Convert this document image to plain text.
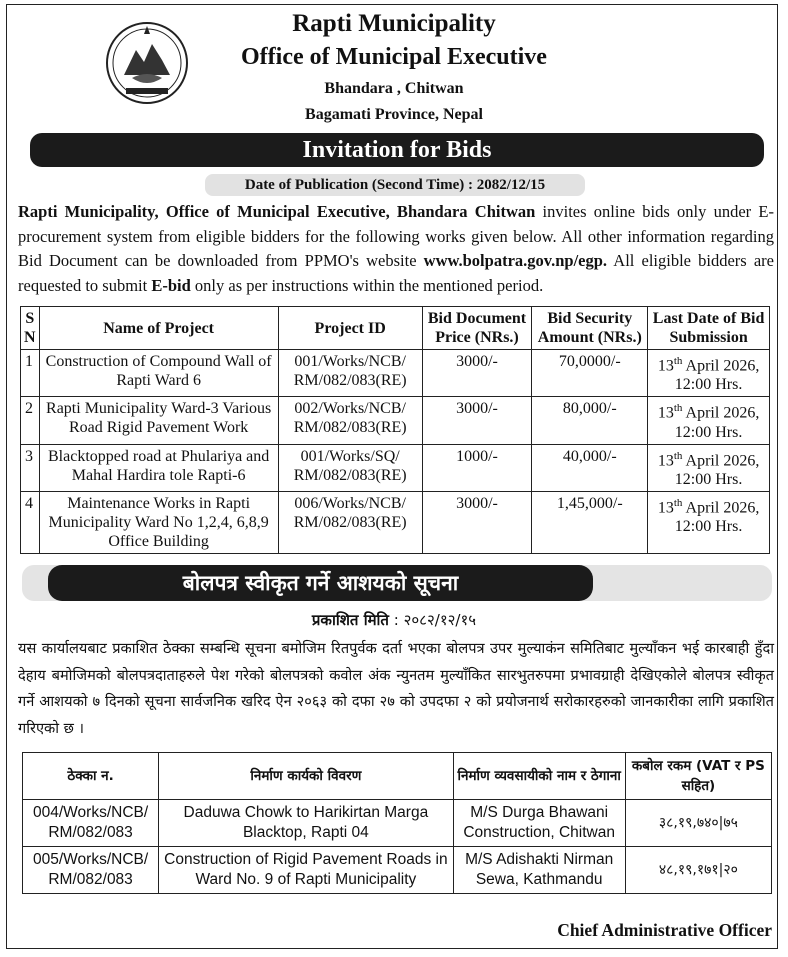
Rapti Municipality
Office of Municipal Executive
Bhandara , Chitwan
Bagamati Province, Nepal
Invitation for Bids
Date of Publication (Second Time) : 2082/12/15
Rapti Municipality, Office of Municipal Executive, Bhandara Chitwan invites online bids only under E-procurement system from eligible bidders for the following works given below. All other information regarding Bid Document can be downloaded from PPMO's website www.bolpatra.gov.np/egp. All eligible bidders are requested to submit E-bid only as per instructions within the mentioned period.
S N	Name of Project	Project ID	Bid Document Price (NRs.)	Bid Security Amount (NRs.)	Last Date of Bid Submission
1	Construction of Compound Wall of Rapti Ward 6	001/Works/NCB/ RM/082/083(RE)	3000/-	70,0000/-	13th April 2026,
12:00 Hrs.
2	Rapti Municipality Ward-3 Various Road Rigid Pavement Work	002/Works/NCB/ RM/082/083(RE)	3000/-	80,000/-	13th April 2026,
12:00 Hrs.
3	Blacktopped road at Phulariya and Mahal Hardira tole Rapti-6	001/Works/SQ/ RM/082/083(RE)	1000/-	40,000/-	13th April 2026,
12:00 Hrs.
4	Maintenance Works in Rapti Municipality Ward No 1,2,4, 6,8,9 Office Building	006/Works/NCB/ RM/082/083(RE)	3000/-	1,45,000/-	13th April 2026,
12:00 Hrs.
बोलपत्र स्वीकृत गर्ने आशयको सूचना
प्रकाशित मिति : २०८२/१२/१५
यस कार्यालयबाट प्रकाशित ठेक्का सम्बन्धि सूचना बमोजिम रितपुर्वक दर्ता भएका बोलपत्र उपर मुल्याकंन समितिबाट मुल्याँकन भई कारबाही हुँदा देहाय बमोजिमको बोलपत्रदाताहरुले पेश गरेको बोलपत्रको कवोल अंक न्युनतम मुल्याँकित सारभुतरुपमा प्रभावग्राही देखिएकोले बोलपत्र स्वीकृत गर्ने आशयको ७ दिनको सूचना सार्वजनिक खरिद ऐन २०६३ को दफा २७ को उपदफा २ को प्रयोजनार्थ सरोकारहरुको जानकारीका लागि प्रकाशित गरिएको छ ।
ठेक्का न.	निर्माण कार्यको विवरण	निर्माण व्यवसायीको नाम र ठेगाना	कबोल रकम (VAT र PS सहित)
004/Works/NCB/ RM/082/083	Daduwa Chowk to Harikirtan Marga Blacktop, Rapti 04	M/S Durga Bhawani Construction, Chitwan	३८,१९,७४०|७५
005/Works/NCB/ RM/082/083	Construction of Rigid Pavement Roads in Ward No. 9 of Rapti Municipality	M/S Adishakti Nirman Sewa, Kathmandu	४८,१९,१७१|२०
Chief Administrative Officer
